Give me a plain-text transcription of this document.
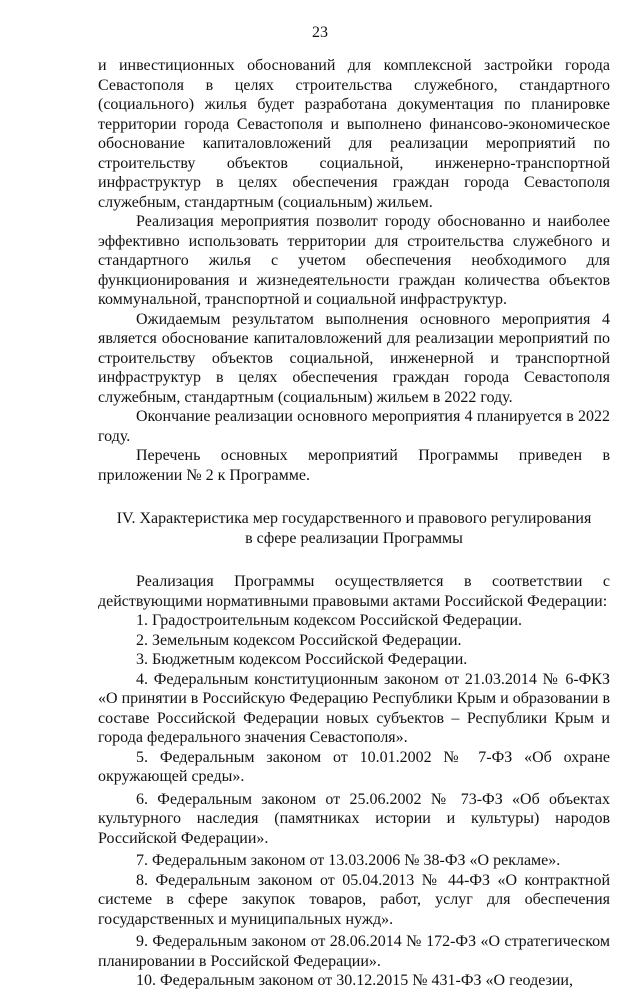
23

и инвестиционных обоснований для комплексной застройки города Севастополя в целях строительства служебного, стандартного (социального) жилья будет разработана документация по планировке территории города Севастополя и выполнено финансово-экономическое обоснование капиталовложений для реализации мероприятий по строительству объектов социальной, инженерно-транспортной инфраструктур в целях обеспечения граждан города Севастополя служебным, стандартным (социальным) жильем.

Реализация мероприятия позволит городу обоснованно и наиболее эффективно использовать территории для строительства служебного и стандартного жилья с учетом обеспечения необходимого для функционирования и жизнедеятельности граждан количества объектов коммунальной, транспортной и социальной инфраструктур.

Ожидаемым результатом выполнения основного мероприятия 4 является обоснование капиталовложений для реализации мероприятий по строительству объектов социальной, инженерной и транспортной инфраструктур в целях обеспечения граждан города Севастополя служебным, стандартным (социальным) жильем в 2022 году.

Окончание реализации основного мероприятия 4 планируется в 2022 году.

Перечень основных мероприятий Программы приведен в приложении № 2 к Программе.

IV. Характеристика мер государственного и правового регулирования
в сфере реализации Программы

Реализация Программы осуществляется в соответствии с действующими нормативными правовыми актами Российской Федерации:

1. Градостроительным кодексом Российской Федерации.

2. Земельным кодексом Российской Федерации.

3. Бюджетным кодексом Российской Федерации.

4. Федеральным конституционным законом от 21.03.2014 № 6-ФКЗ «О принятии в Российскую Федерацию Республики Крым и образовании в составе Российской Федерации новых субъектов – Республики Крым и города федерального значения Севастополя».

5. Федеральным законом от 10.01.2002 № 7-ФЗ «Об охране окружающей среды».

6. Федеральным законом от 25.06.2002 № 73-ФЗ «Об объектах культурного наследия (памятниках истории и культуры) народов Российской Федерации».

7. Федеральным законом от 13.03.2006 № 38-ФЗ «О рекламе».

8. Федеральным законом от 05.04.2013 № 44-ФЗ «О контрактной системе в сфере закупок товаров, работ, услуг для обеспечения государственных и муниципальных нужд».

9. Федеральным законом от 28.06.2014 № 172-ФЗ «О стратегическом планировании в Российской Федерации».

10. Федеральным законом от 30.12.2015 № 431-ФЗ «О геодезии,
